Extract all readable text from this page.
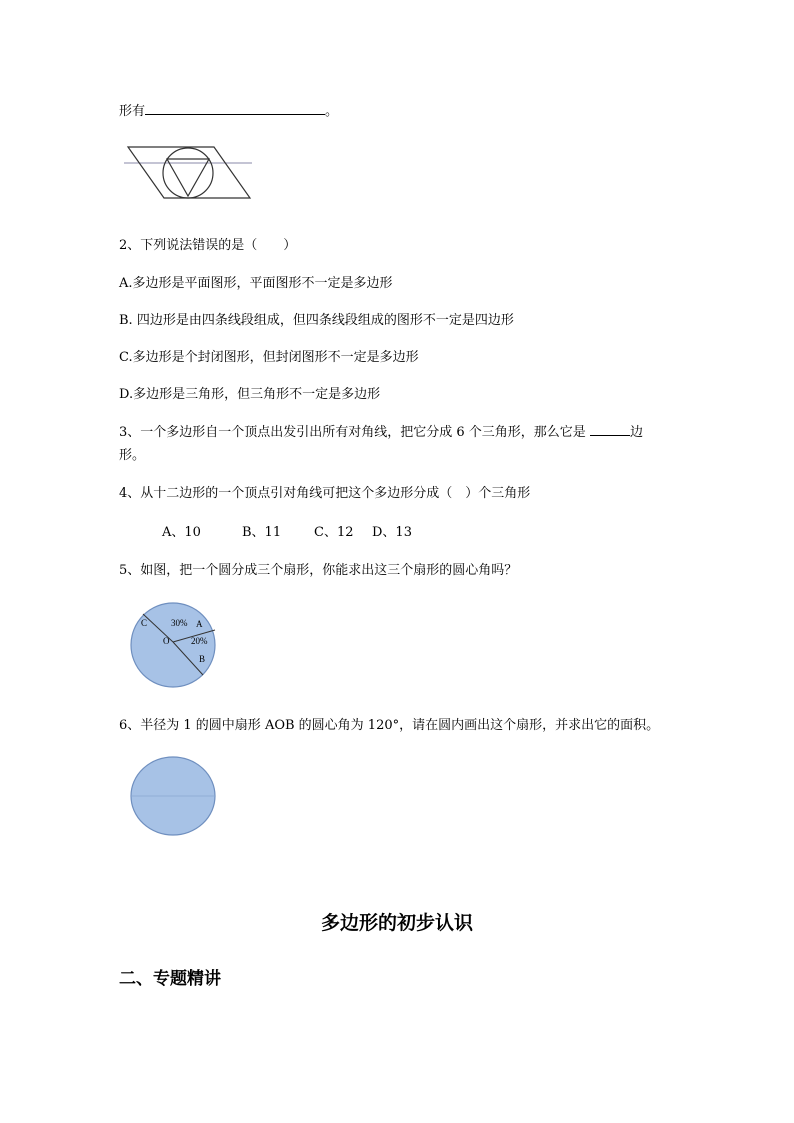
形有	。
2、下列说法错误的是（　　）
A.多边形是平面图形，平面图形不一定是多边形
B. 四边形是由四条线段组成，但四条线段组成的图形不一定是四边形
C.多边形是个封闭图形，但封闭图形不一定是多边形
D.多边形是三角形，但三角形不一定是多边形
3、一个多边形自一个顶点出发引出所有对角线，把它分成 6 个三角形，那么它是	边
形。
4、从十二边形的一个顶点引对角线可把这个多边形分成（　）个三角形
A、10	B、11	C、12 D、13
5、如图，把一个圆分成三个扇形，你能求出这三个扇形的圆心角吗？
C	30% A
O 20%
B
6、半径为 1 的圆中扇形 AOB 的圆心角为 120°，请在圆内画出这个扇形，并求出它的面积。
多边形的初步认识
二、专题精讲
